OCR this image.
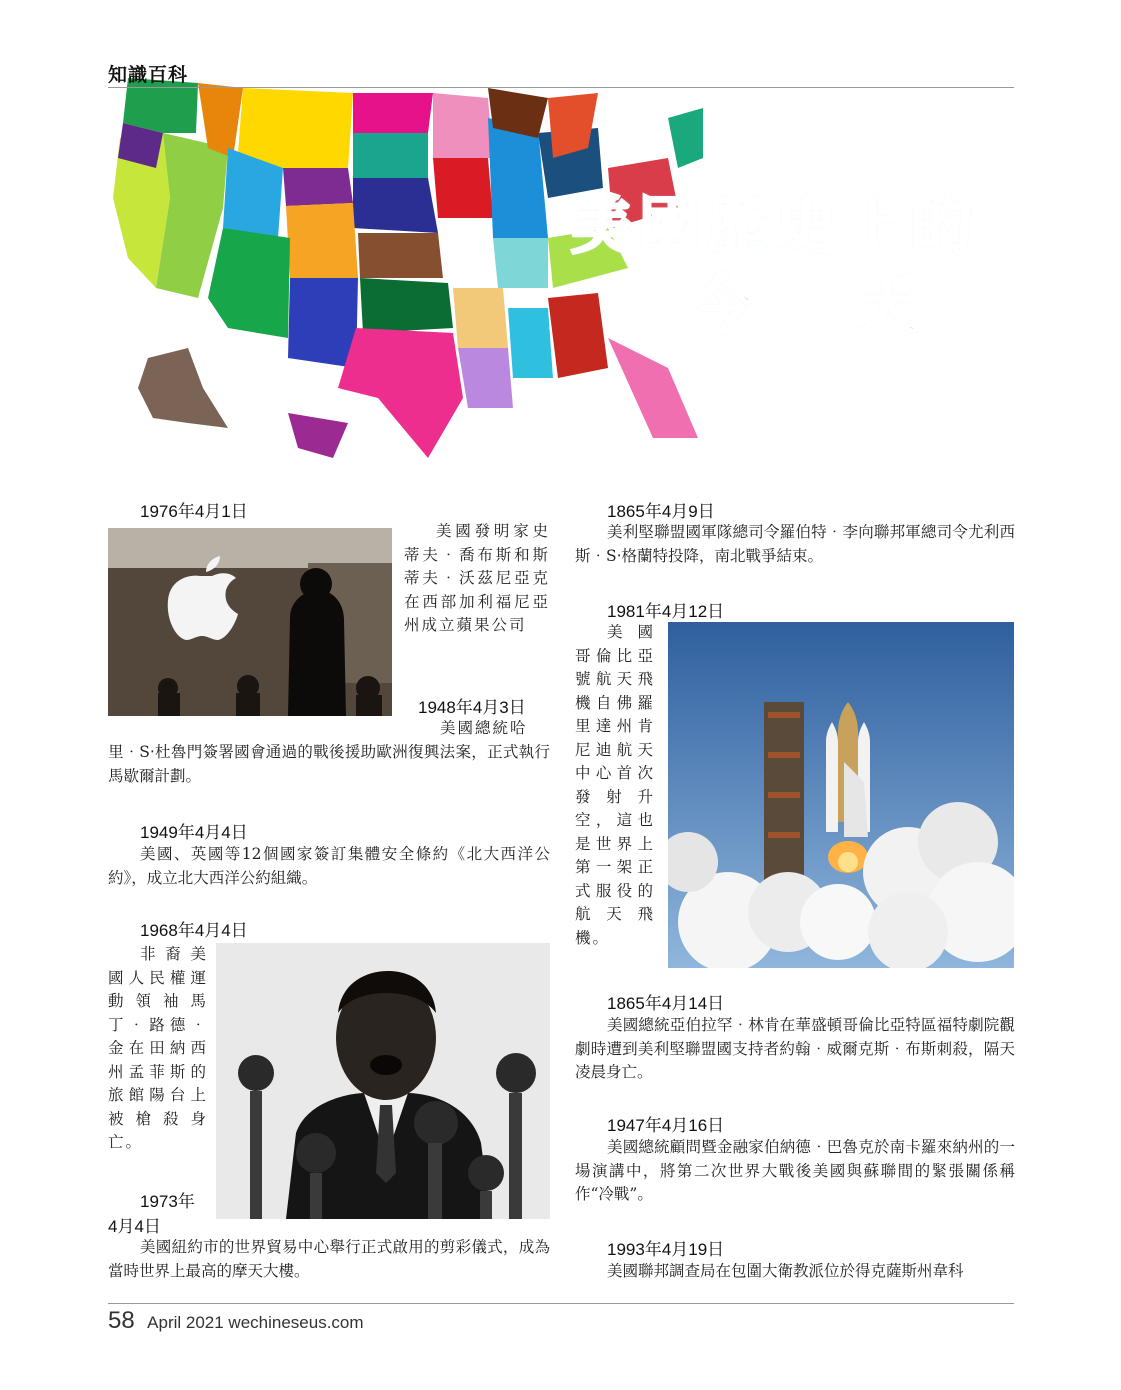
知識百科
美國歷史上的
今 天
1976年4月1日
美國發明家史蒂夫‧喬布斯和斯蒂夫‧沃茲尼亞克在西部加利福尼亞州成立蘋果公司
1948年4月3日
美國總統哈
里‧S‧杜魯門簽署國會通過的戰後援助歐洲復興法案，正式執行馬歇爾計劃。
1949年4月4日
美國、英國等12個國家簽訂集體安全條約《北大西洋公約》，成立北大西洋公約組織。
1968年4月4日
非裔美國人民權運動領袖馬丁‧路德‧金在田納西州孟菲斯的旅館陽台上被槍殺身亡。
1973年
4月4日
美國紐約市的世界貿易中心舉行正式啟用的剪彩儀式，成為當時世界上最高的摩天大樓。
1865年4月9日
美利堅聯盟國軍隊總司令羅伯特‧李向聯邦軍總司令尤利西斯‧S‧格蘭特投降，南北戰爭結束。
1981年4月12日
美國哥倫比亞號航天飛機自佛羅里達州肯尼迪航天中心首次發射升空，這也是世界上第一架正式服役的航天飛機。
1865年4月14日
美國總統亞伯拉罕‧林肯在華盛頓哥倫比亞特區福特劇院觀劇時遭到美利堅聯盟國支持者約翰‧威爾克斯‧布斯刺殺，隔天凌晨身亡。
1947年4月16日
美國總統顧問暨金融家伯納德‧巴魯克於南卡羅來納州的一場演講中，將第二次世界大戰後美國與蘇聯間的緊張關係稱作“冷戰”。
1993年4月19日
美國聯邦調查局在包圍大衛教派位於得克薩斯州韋科
58 April 2021 wechineseus.com
